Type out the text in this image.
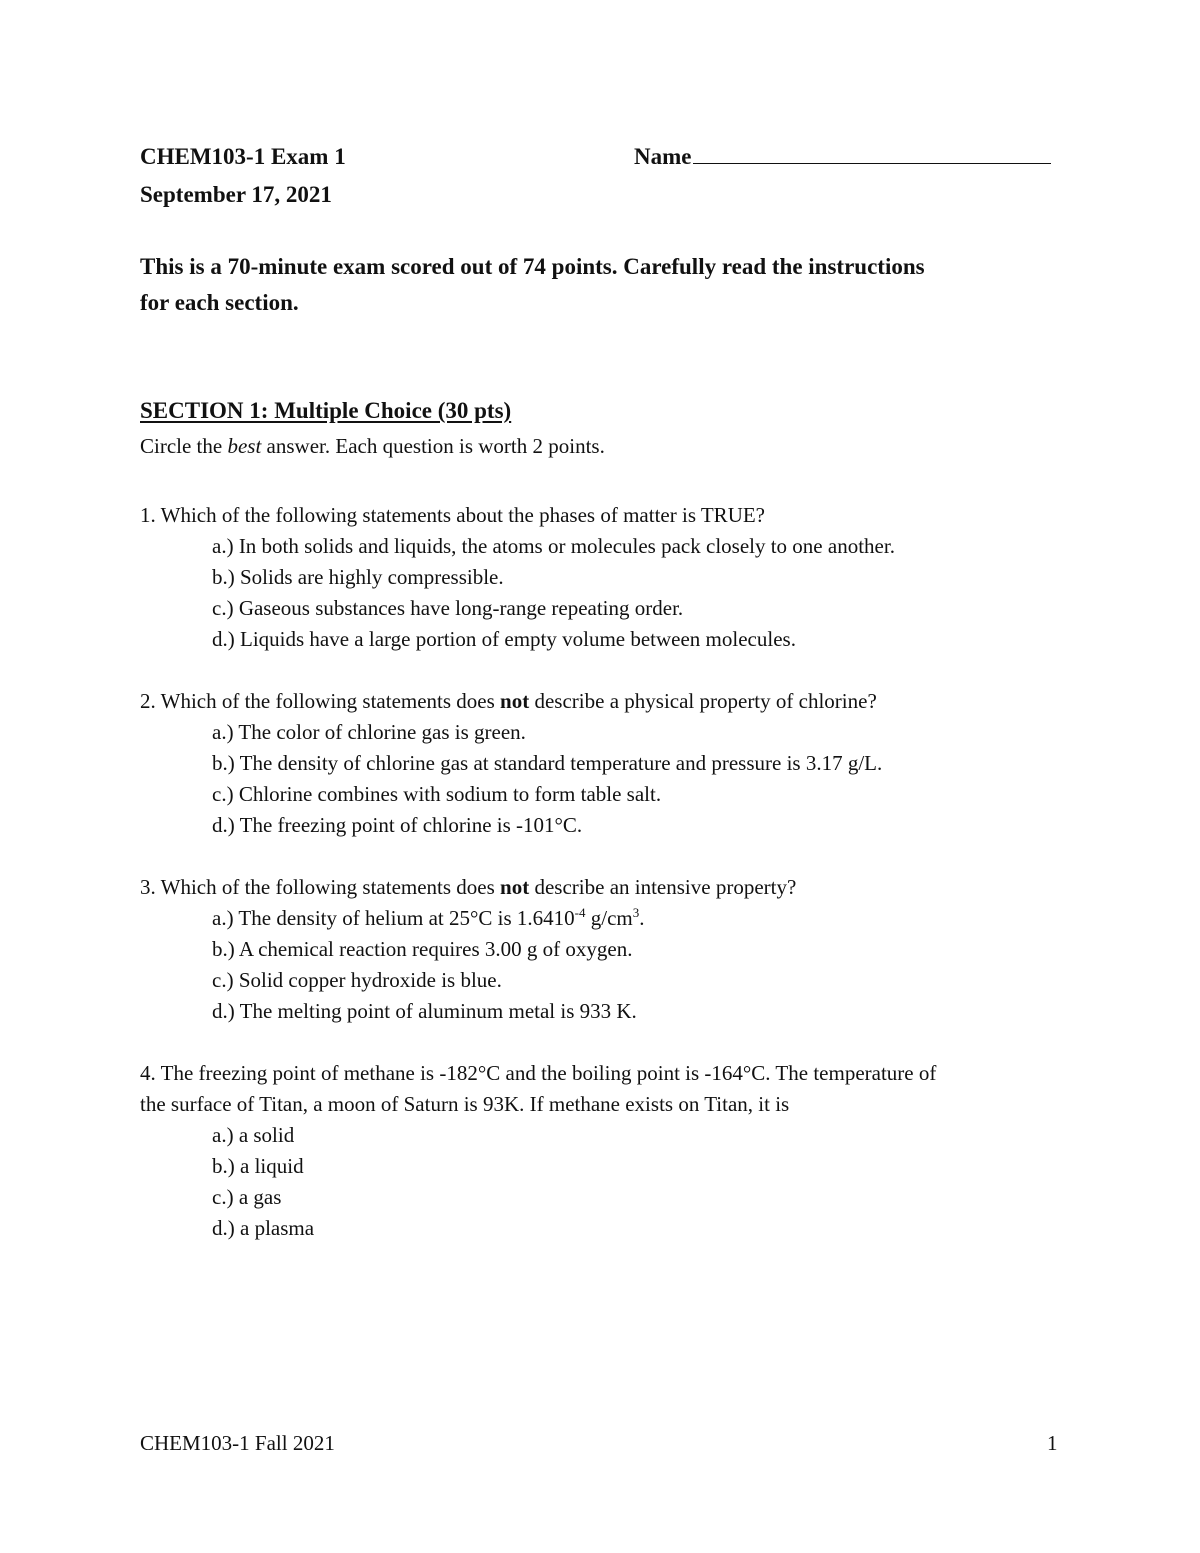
CHEM103-1 Exam 1	Name
September 17, 2021
This is a 70-minute exam scored out of 74 points. Carefully read the instructions
for each section.
SECTION 1: Multiple Choice (30 pts)
Circle the best answer. Each question is worth 2 points.
1. Which of the following statements about the phases of matter is TRUE?
a.) In both solids and liquids, the atoms or molecules pack closely to one another.
b.) Solids are highly compressible.
c.) Gaseous substances have long-range repeating order.
d.) Liquids have a large portion of empty volume between molecules.
2. Which of the following statements does not describe a physical property of chlorine?
a.) The color of chlorine gas is green.
b.) The density of chlorine gas at standard temperature and pressure is 3.17 g/L.
c.) Chlorine combines with sodium to form table salt.
d.) The freezing point of chlorine is -101°C.
3. Which of the following statements does not describe an intensive property?
a.) The density of helium at 25°C is $1.6410^{-4}$ $g/cm^3$.
b.) A chemical reaction requires 3.00 g of oxygen.
c.) Solid copper hydroxide is blue.
d.) The melting point of aluminum metal is 933 K.
4. The freezing point of methane is -182°C and the boiling point is -164°C. The temperature of
the surface of Titan, a moon of Saturn is 93K. If methane exists on Titan, it is
a.) a solid
b.) a liquid
c.) a gas
d.) a plasma
CHEM103-1 Fall 2021	1
